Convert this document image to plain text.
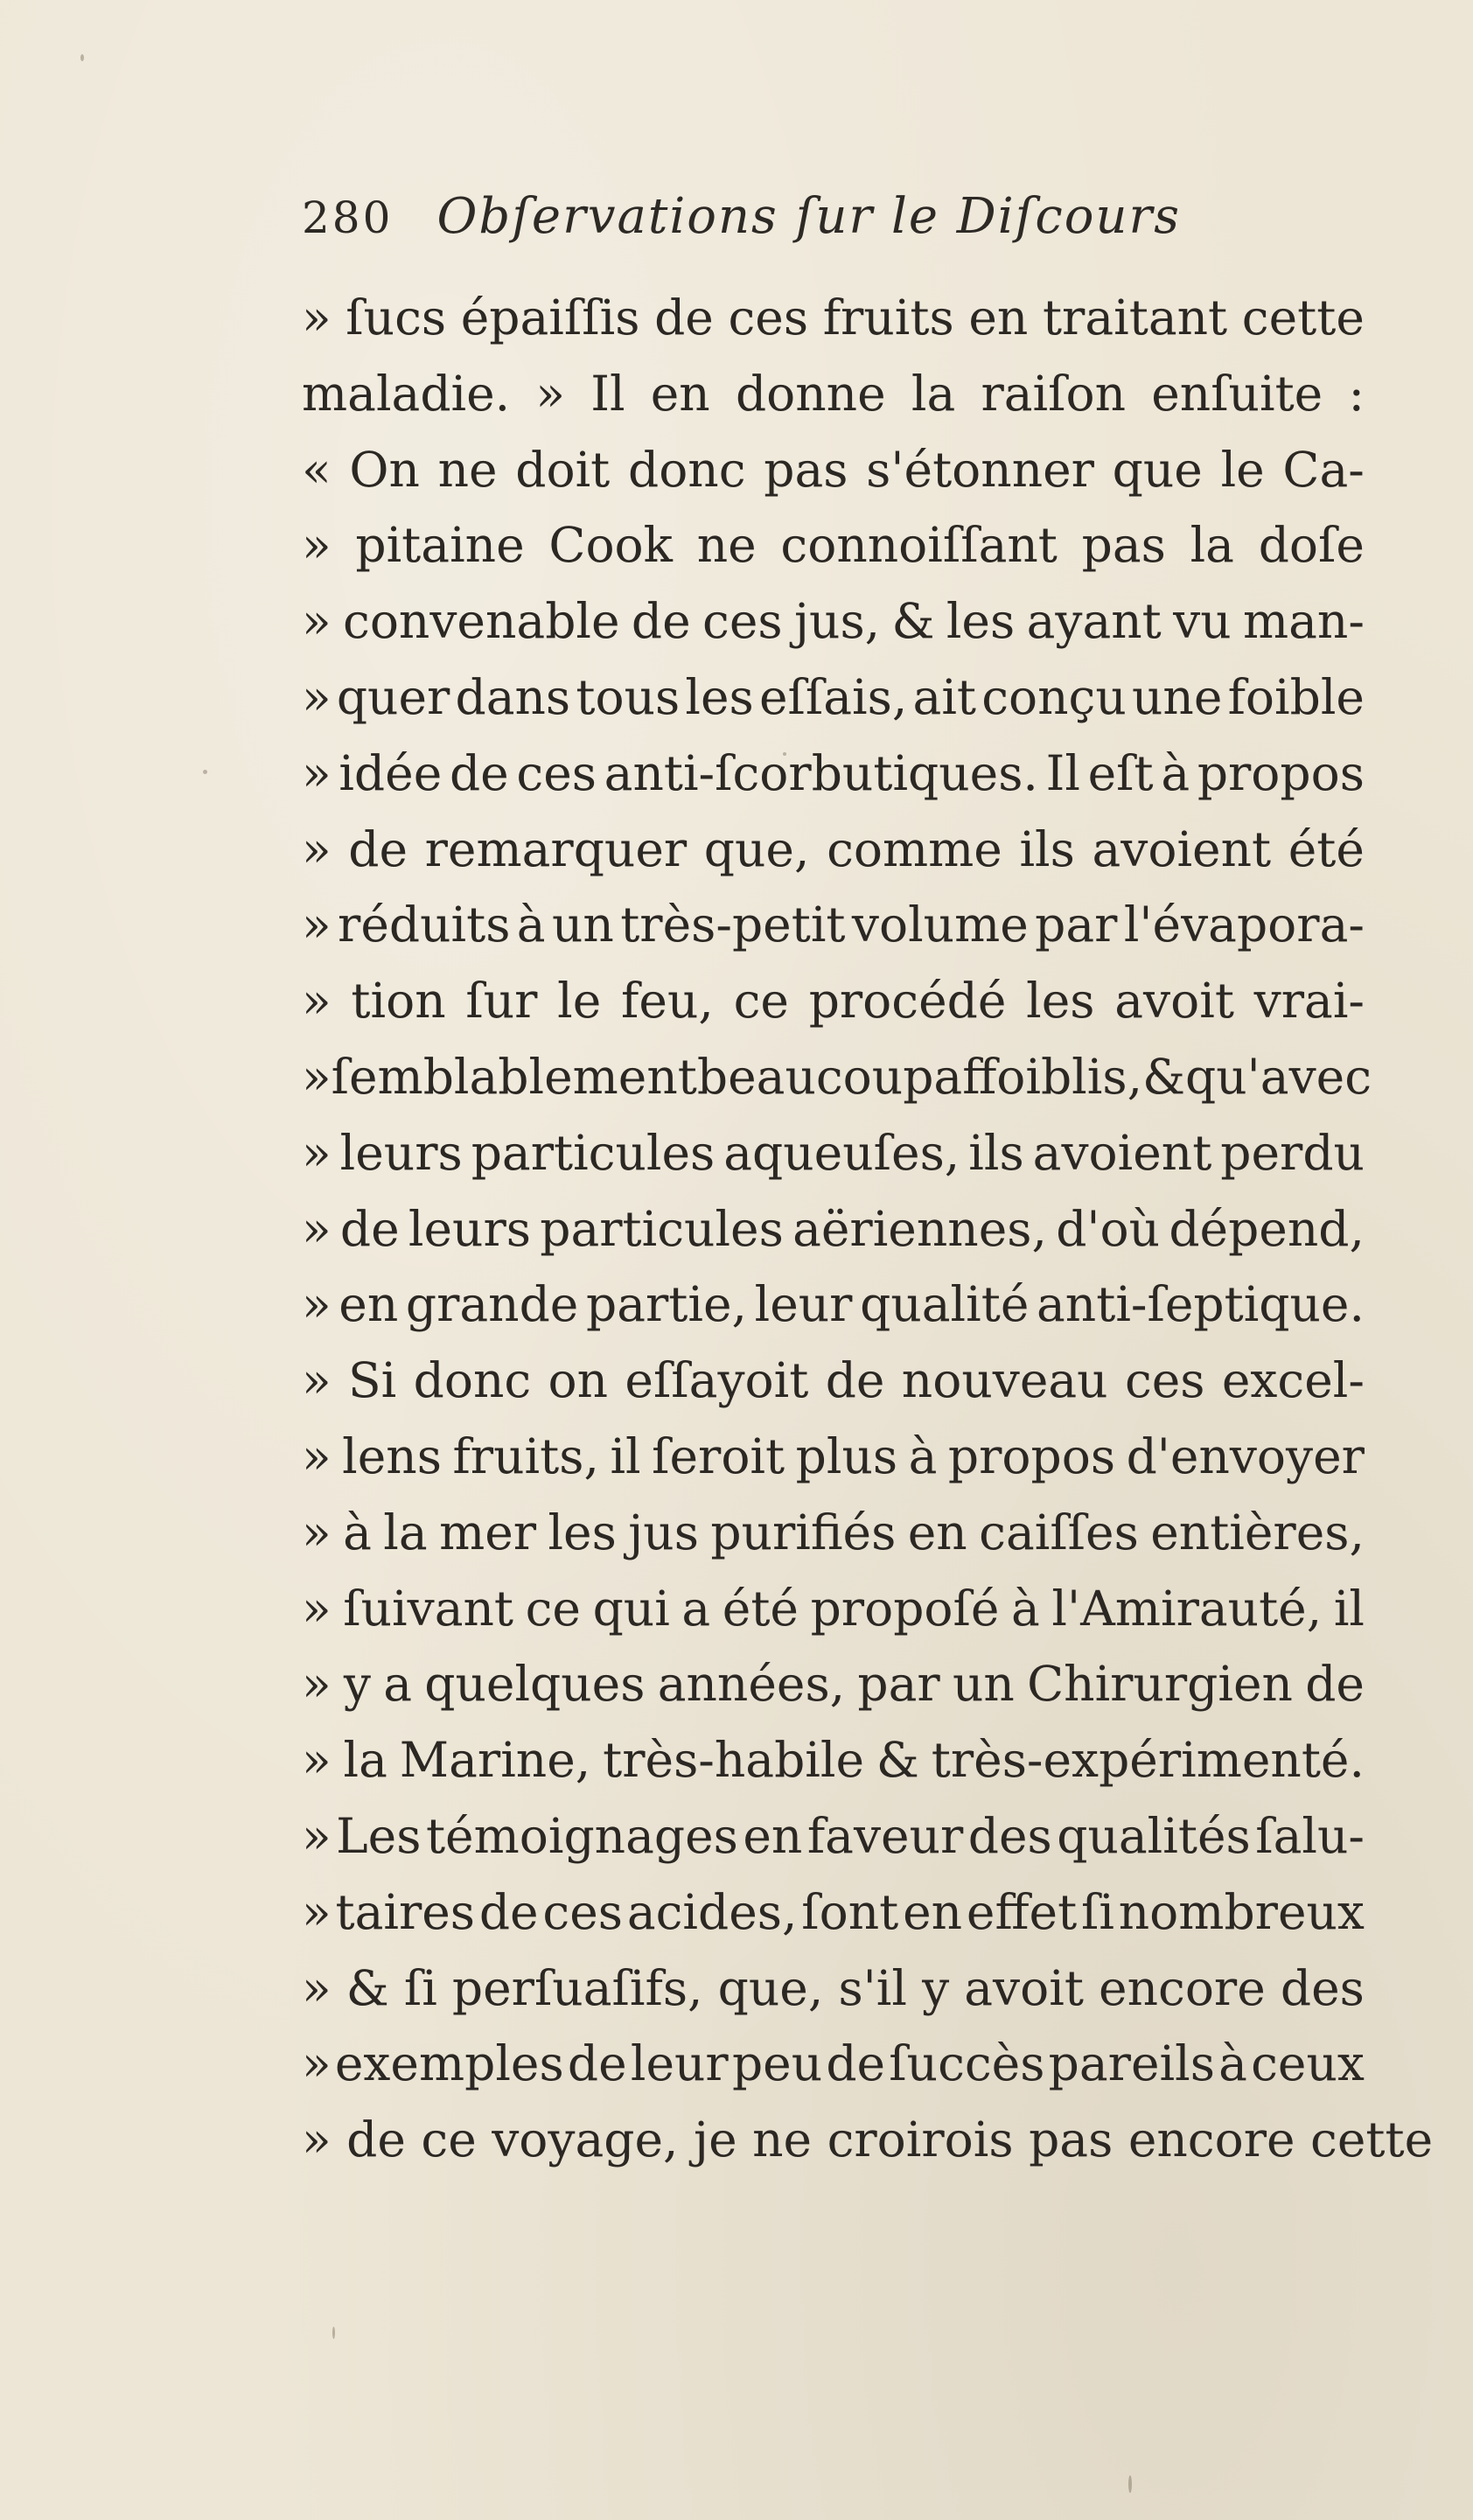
280 Obſervations ſur le Diſcours
» ſucs épaiſſis de ces fruits en traitant cette
maladie. » Il en donne la raiſon enſuite :
« On ne doit donc pas s'étonner que le Ca-
» pitaine Cook ne connoiſſant pas la doſe
» convenable de ces jus, & les ayant vu man-
» quer dans tous les eſſais, ait conçu une foible
» idée de ces anti-ſcorbutiques. Il eſt à propos
» de remarquer que, comme ils avoient été
» réduits à un très-petit volume par l'évapora-
» tion ſur le feu, ce procédé les avoit vrai-
» ſemblablement beaucoup affoiblis, & qu'avec
» leurs particules aqueuſes, ils avoient perdu
» de leurs particules aëriennes, d'où dépend,
» en grande partie, leur qualité anti-ſeptique.
» Si donc on eſſayoit de nouveau ces excel-
» lens fruits, il ſeroit plus à propos d'envoyer
» à la mer les jus purifiés en caiſſes entières,
» ſuivant ce qui a été propoſé à l'Amirauté, il
» y a quelques années, par un Chirurgien de
» la Marine, très-habile & très-expérimenté.
» Les témoignages en faveur des qualités ſalu-
» taires de ces acides, ſont en effet ſi nombreux
» & ſi perſuaſifs, que, s'il y avoit encore des
» exemples de leur peu de ſuccès pareils à ceux
»
de
ce
voyage,
je
ne
croirois
pas
encore
cette
